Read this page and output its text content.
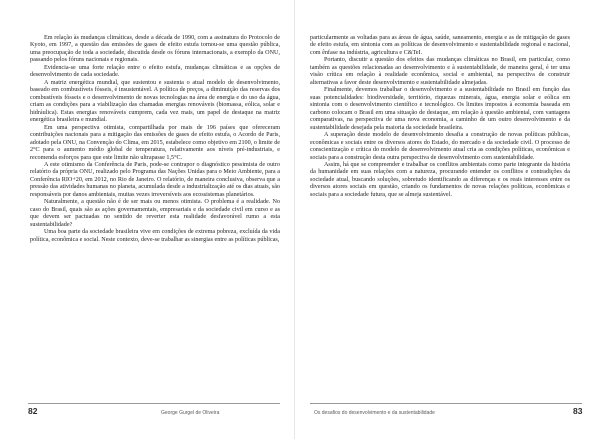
Em relação às mudanças climáticas, desde a década de 1990, com a assinatura do Protocolo de Kyoto, em 1997, a questão das emissões de gases de efeito estufa tornou-se uma questão pública, uma preocupação de toda a sociedade, discutida desde os fóruns internacionais, a exemplo da ONU, passando pelos fóruns nacionais e regionais.

Evidencia-se uma forte relação entre o efeito estufa, mudanças climáticas e as opções de desenvolvimento de cada sociedade.

A matriz energética mundial, que sustentou e sustenta o atual modelo de desenvolvimento, baseado em combustíveis fósseis, é insustentável. A política de preços, a diminuição das reservas dos combustíveis fósseis e o desenvolvimento de novas tecnologias na área de energia e do uso da água, criam as condições para a viabilização das chamadas energias renováveis (biomassa, eólica, solar e hidráulica). Estas energias renováveis cumprem, cada vez mais, um papel de destaque na matriz energética brasileira e mundial.

Em uma perspectiva otimista, compartilhada por mais de 196 países que ofereceram contribuições nacionais para a mitigação das emissões de gases de efeito estufa, o Acordo de Paris, adotado pela ONU, na Convenção do Clima, em 2015, estabelece como objetivo em 2100, o limite de 2°C para o aumento médio global de temperatura, relativamente aos níveis pré-industriais, e recomenda esforços para que este limite não ultrapasse 1,5°C.

A este otimismo da Conferência de Paris, pode-se contrapor o diagnóstico pessimista de outro relatório da própria ONU, realizado pelo Programa das Nações Unidas para o Meio Ambiente, para a Conferência RIO+20, em 2012, no Rio de Janeiro. O relatório, de maneira conclusiva, observa que a pressão das atividades humanas no planeta, acumulada desde a industrialização até os dias atuais, são responsáveis por danos ambientais, muitas vezes irreversíveis aos ecossistemas planetários.

Naturalmente, a questão não é de ser mais ou menos otimista. O problema é a realidade. No caso do Brasil, quais são as ações governamentais, empresariais e da sociedade civil em curso e as que devem ser pactuadas no sentido de reverter esta realidade desfavorável rumo a esta sustentabilidade?

Uma boa parte da sociedade brasileira vive em condições de extrema pobreza, excluída da vida política, econômica e social. Neste contexto, deve-se trabalhar as sinergias entre as políticas públicas,

82	George Gurgel de Oliveira

particularmente as voltadas para as áreas de água, saúde, saneamento, energia e as de mitigação de gases de efeito estufa, em sintonia com as políticas de desenvolvimento e sustentabilidade regional e nacional, com ênfase na indústria, agricultura e C&TeI.

Portanto, discutir a questão dos efeitos das mudanças climáticas no Brasil, em particular, como também as questões relacionadas ao desenvolvimento e à sustentabilidade, de maneira geral, é ter uma visão crítica em relação à realidade econômica, social e ambiental, na perspectiva de construir alternativas a favor deste desenvolvimento e sustentabilidade almejadas.

Finalmente, devemos trabalhar o desenvolvimento e a sustentabilidade no Brasil em função das suas potencialidades: biodiversidade, território, riquezas minerais, água, energia solar e eólica em sintonia com o desenvolvimento científico e tecnológico. Os limites impostos à economia baseada em carbono colocam o Brasil em uma situação de destaque, em relação à questão ambiental, com vantagens comparativas, na perspectiva de uma nova economia, a caminho de um outro desenvolvimento e da sustentabilidade desejada pela maioria da sociedade brasileira.

A superação deste modelo de desenvolvimento desafia a construção de novas políticas públicas, econômicas e sociais entre os diversos atores do Estado, do mercado e da sociedade civil. O processo de conscientização e crítica do modelo de desenvolvimento atual cria as condições políticas, econômicas e sociais para a construção desta outra perspectiva de desenvolvimento com sustentabilidade.

Assim, há que se compreender e trabalhar os conflitos ambientais como parte integrante da história da humanidade em suas relações com a natureza, procurando entender os conflitos e contradições da sociedade atual, buscando soluções, sobretudo identificando as diferenças e os reais interesses entre os diversos atores sociais em questão, criando os fundamentos de novas relações políticas, econômicas e sociais para a sociedade futura, que se almeja sustentável.

Os desafios do desenvolvimento e da sustentabilidade	83
